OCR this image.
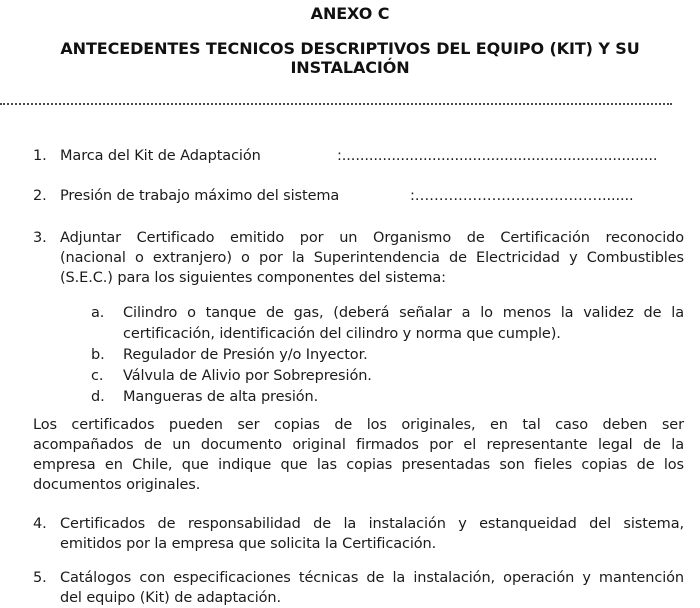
ANEXO C
ANTECEDENTES TECNICOS DESCRIPTIVOS DEL EQUIPO (KIT) Y SU
INSTALACIÓN
1. Marca del Kit de Adaptación	:......................................................................
2. Presión de trabajo máximo del sistema	:………………………………….......
3. Adjuntar Certificado emitido por un Organismo de Certificación reconocido
(nacional o extranjero) o por la Superintendencia de Electricidad y Combustibles
(S.E.C.) para los siguientes componentes del sistema:
a.	Cilindro o tanque de gas, (deberá señalar a lo menos la validez de la
certificación, identificación del cilindro y norma que cumple).
b.	Regulador de Presión y/o Inyector.
c.	Válvula de Alivio por Sobrepresión.
d.	Mangueras de alta presión.
Los certificados pueden ser copias de los originales, en tal caso deben ser
acompañados de un documento original firmados por el representante legal de la
empresa en Chile, que indique que las copias presentadas son fieles copias de los
documentos originales.
4. Certificados de responsabilidad de la instalación y estanqueidad del sistema,
emitidos por la empresa que solicita la Certificación.
5. Catálogos con especificaciones técnicas de la instalación, operación y mantención
del equipo (Kit) de adaptación.
